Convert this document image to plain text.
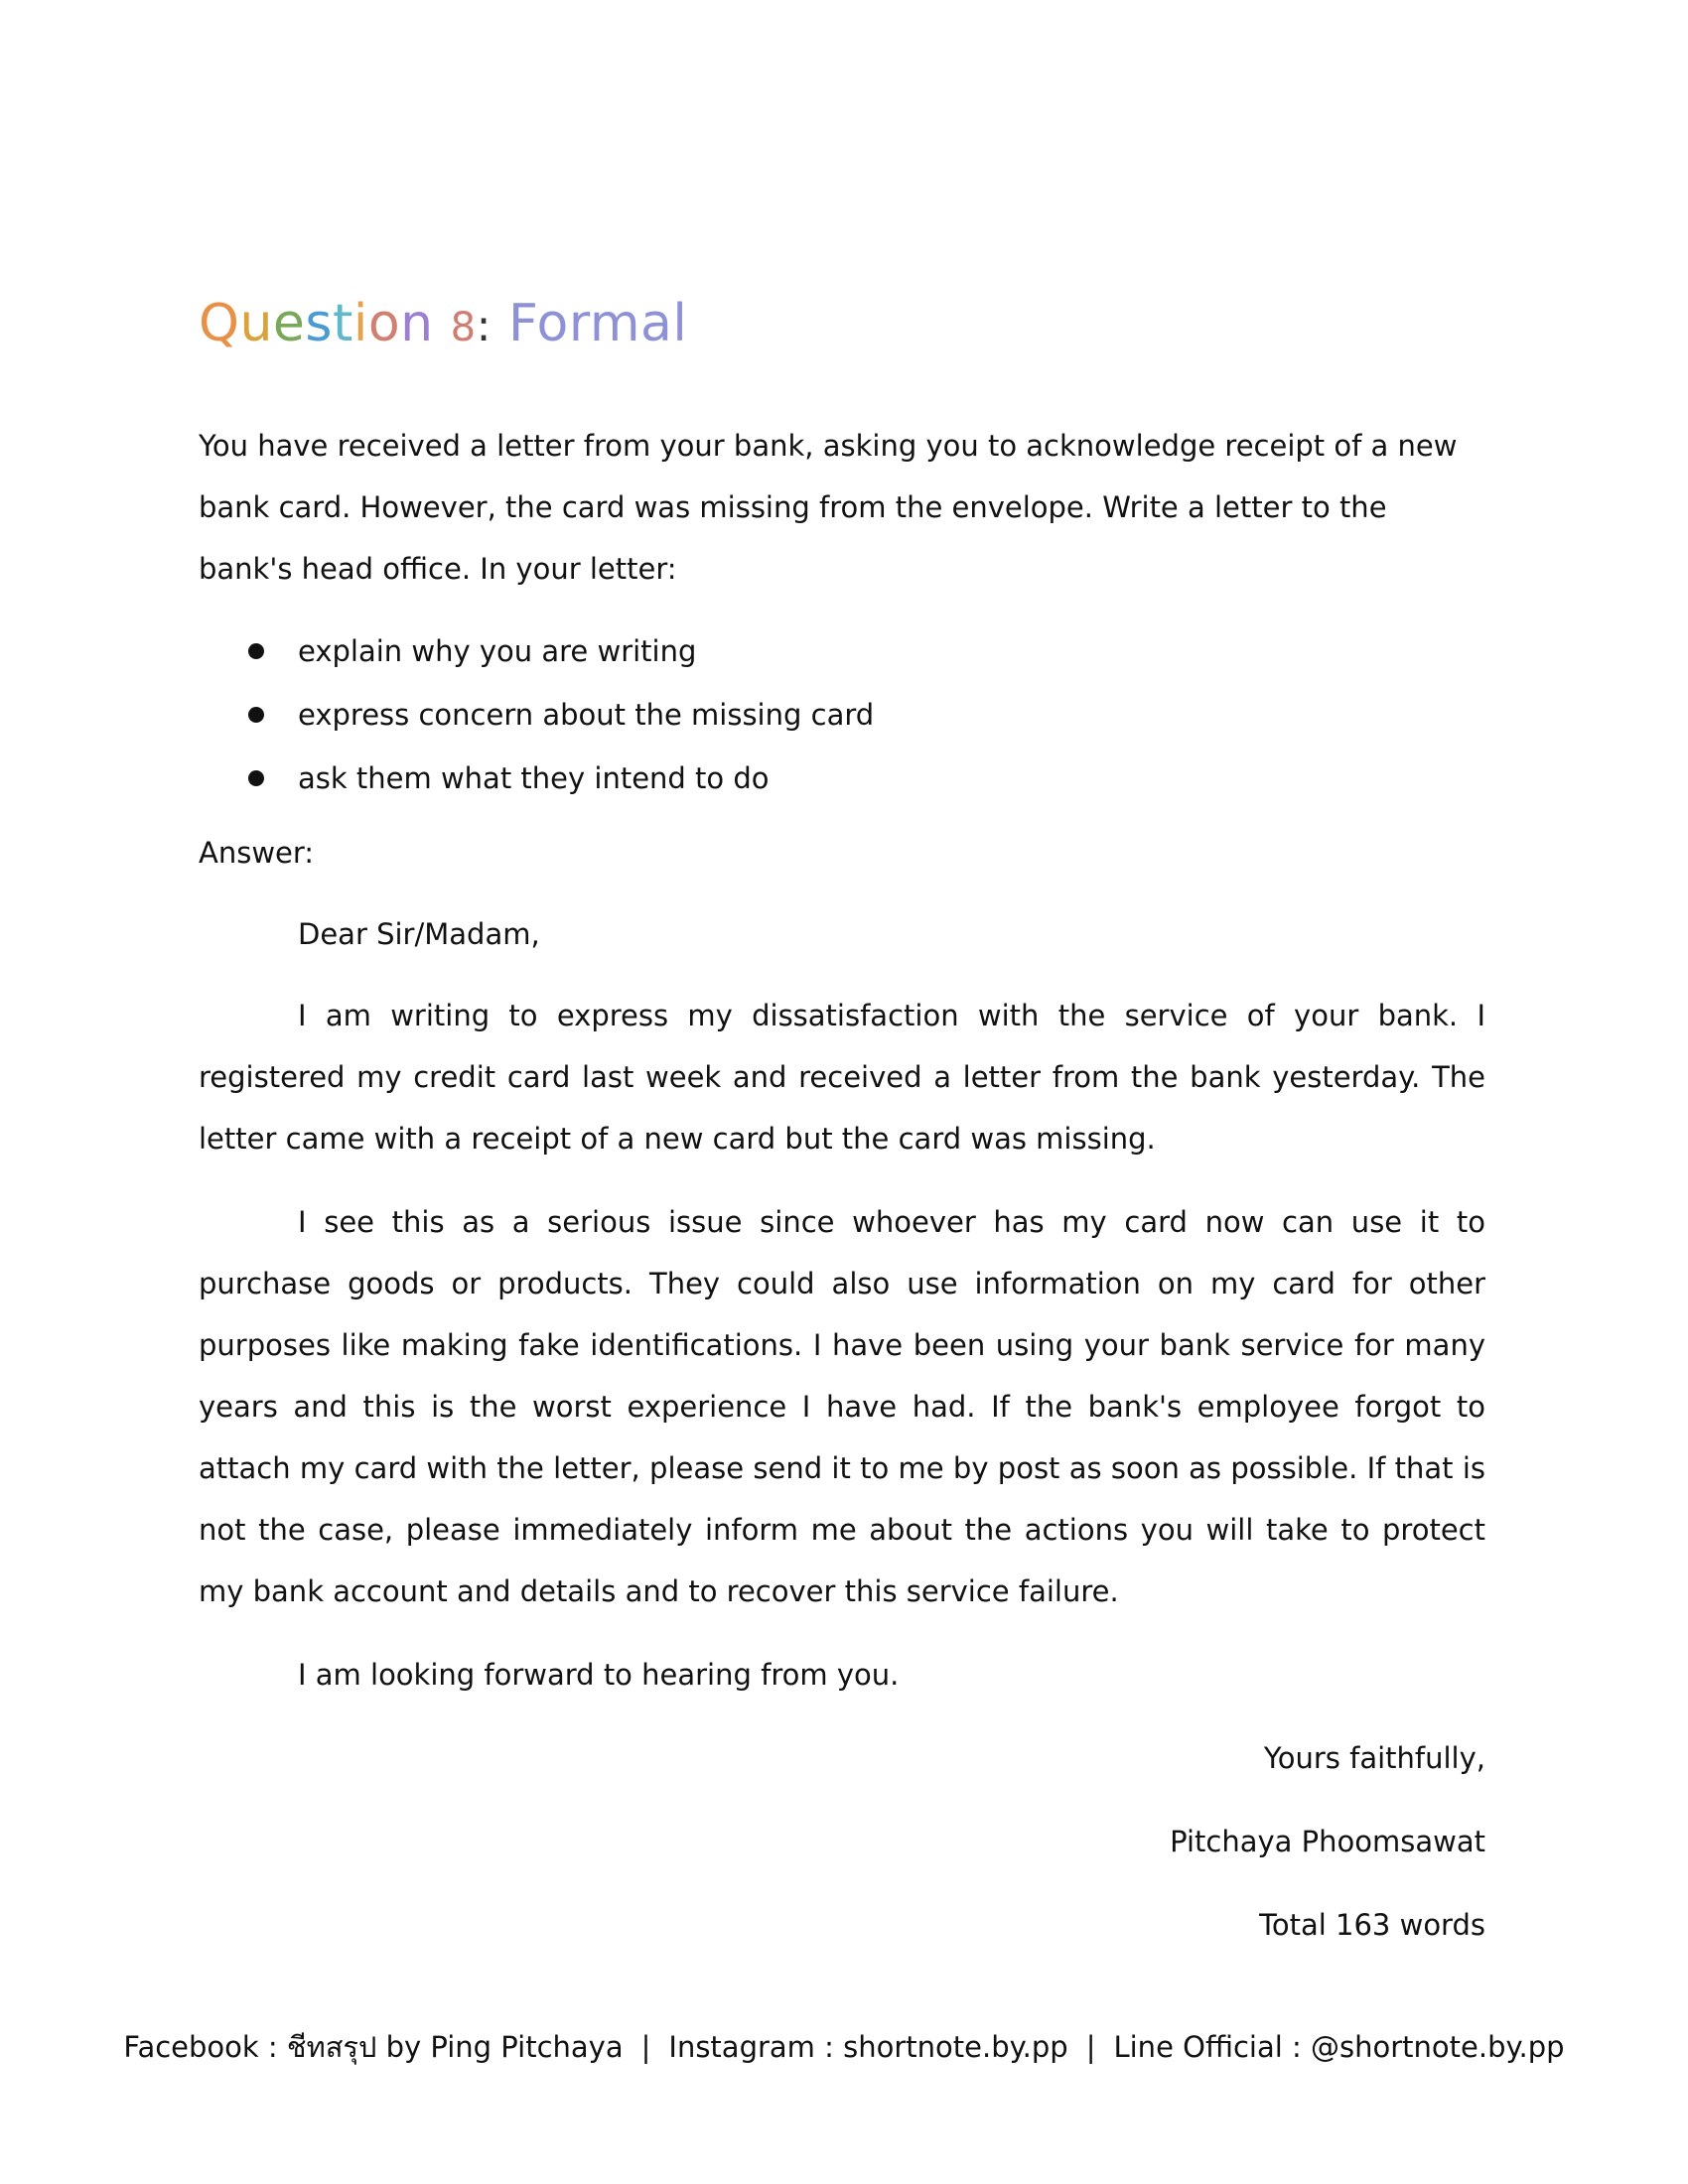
Question 8: Formal

You have received a letter from your bank, asking you to acknowledge receipt of a new bank card. However, the card was missing from the envelope. Write a letter to the bank's head office. In your letter:

explain why you are writing
express concern about the missing card
ask them what they intend to do
Answer:

Dear Sir/Madam,

I am writing to express my dissatisfaction with the service of your bank. I registered my credit card last week and received a letter from the bank yesterday. The letter came with a receipt of a new card but the card was missing.

I see this as a serious issue since whoever has my card now can use it to purchase goods or products. They could also use information on my card for other purposes like making fake identifications. I have been using your bank service for many years and this is the worst experience I have had. If the bank's employee forgot to attach my card with the letter, please send it to me by post as soon as possible. If that is not the case, please immediately inform me about the actions you will take to protect my bank account and details and to recover this service failure.

I am looking forward to hearing from you.

Yours faithfully,
Pitchaya Phoomsawat
Total 163 words
Facebook : ชีทสรุป by Ping Pitchaya | Instagram : shortnote.by.pp | Line Official : @shortnote.by.pp
